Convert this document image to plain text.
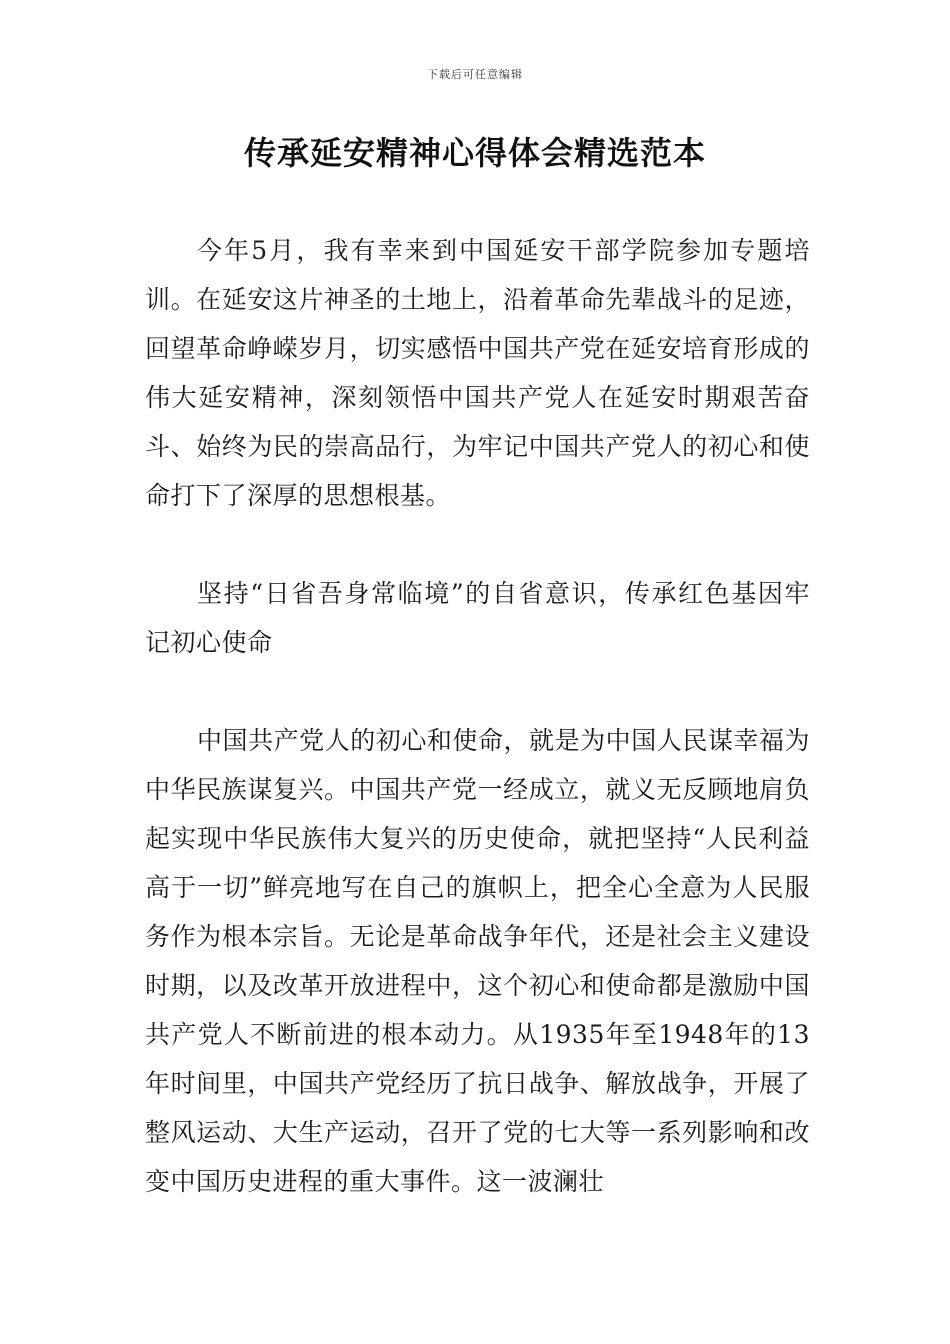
下载后可任意编辑
传承延安精神心得体会精选范本

今年5月，我有幸来到中国延安干部学院参加专题培训。在延安这片神圣的土地上，沿着革命先辈战斗的足迹，回望革命峥嵘岁月，切实感悟中国共产党在延安培育形成的伟大延安精神，深刻领悟中国共产党人在延安时期艰苦奋斗、始终为民的崇高品行，为牢记中国共产党人的初心和使命打下了深厚的思想根基。

坚持“日省吾身常临境”的自省意识，传承红色基因牢记初心使命

中国共产党人的初心和使命，就是为中国人民谋幸福为中华民族谋复兴。中国共产党一经成立，就义无反顾地肩负起实现中华民族伟大复兴的历史使命，就把坚持“人民利益高于一切”鲜亮地写在自己的旗帜上，把全心全意为人民服务作为根本宗旨。无论是革命战争年代，还是社会主义建设时期，以及改革开放进程中，这个初心和使命都是激励中国共产党人不断前进的根本动力。从1935年至1948年的13年时间里，中国共产党经历了抗日战争、解放战争，开展了整风运动、大生产运动，召开了党的七大等一系列影响和改变中国历史进程的重大事件。这一波澜壮
